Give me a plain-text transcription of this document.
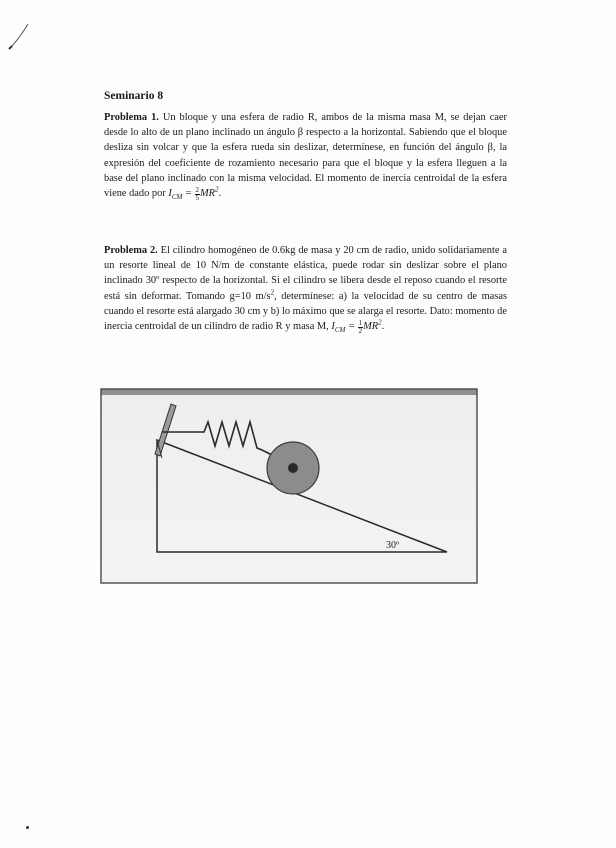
Seminario 8
Problema 1. Un bloque y una esfera de radio R, ambos de la misma masa M, se dejan caer desde lo alto de un plano inclinado un ángulo β respecto a la horizontal. Sabiendo que el bloque desliza sin volcar y que la esfera rueda sin deslizar, determínese, en función del ángulo β, la expresión del coeficiente de rozamiento necesario para que el bloque y la esfera lleguen a la base del plano inclinado con la misma velocidad. El momento de inercia centroidal de la esfera viene dado por $I_{CM} = \frac{2}{5} MR^2$.
Problema 2. El cilindro homogéneo de 0.6kg de masa y 20 cm de radio, unido solidariamente a un resorte lineal de 10 N/m de constante elástica, puede rodar sin deslizar sobre el plano inclinado 30º respecto de la horizontal. Si el cilindro se libera desde el reposo cuando el resorte está sin deformar. Tomando g=10 $m/s^2$, determínese: a) la velocidad de su centro de masas cuando el resorte está alargado 30 cm y b) lo máximo que se alarga el resorte. Dato: momento de inercia centroidal de un cilindro de radio R y masa M, $I_{CM} = \frac{1}{2} MR^2$.
30º
